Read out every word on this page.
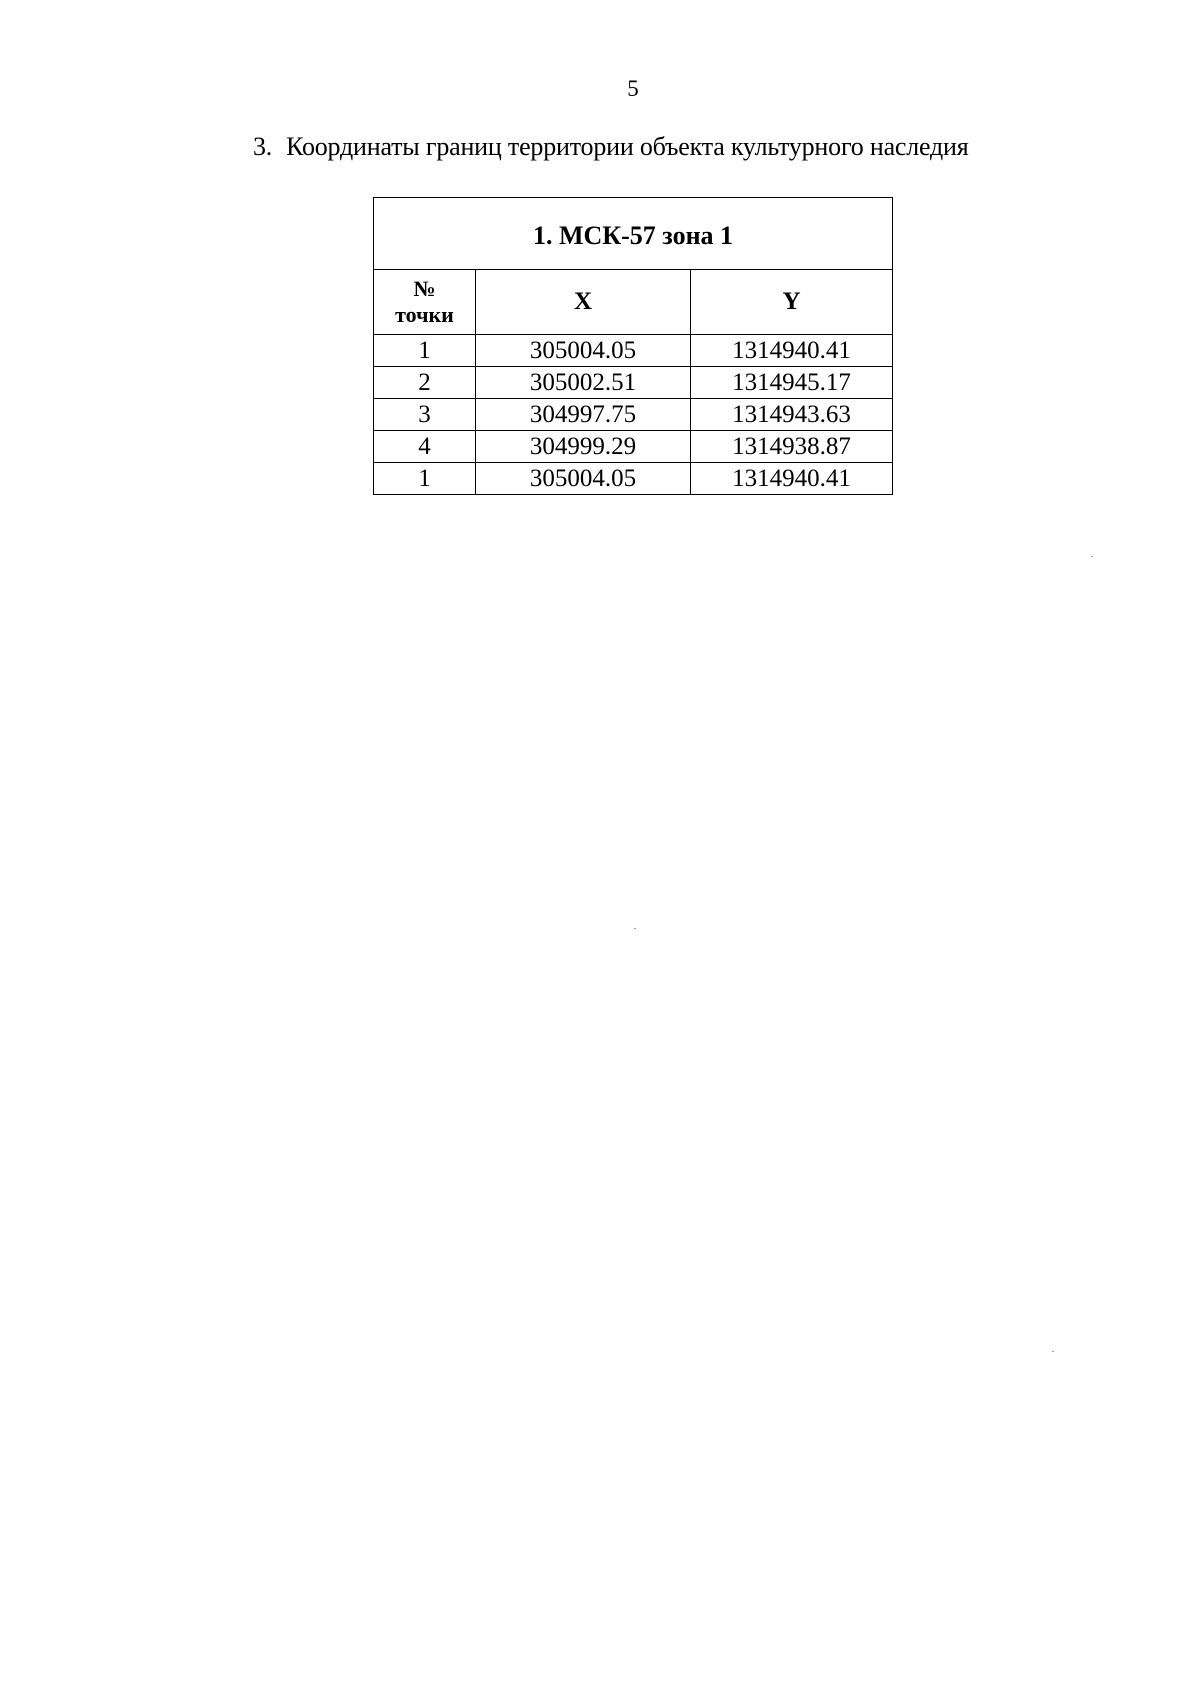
5
3. Координаты границ территории объекта культурного наследия
1. МСК-57 зона 1		

№
точки	X	Y
1	305004.05	1314940.41
2	305002.51	1314945.17
3	304997.75	1314943.63
4	304999.29	1314938.87
1	305004.05	1314940.41
